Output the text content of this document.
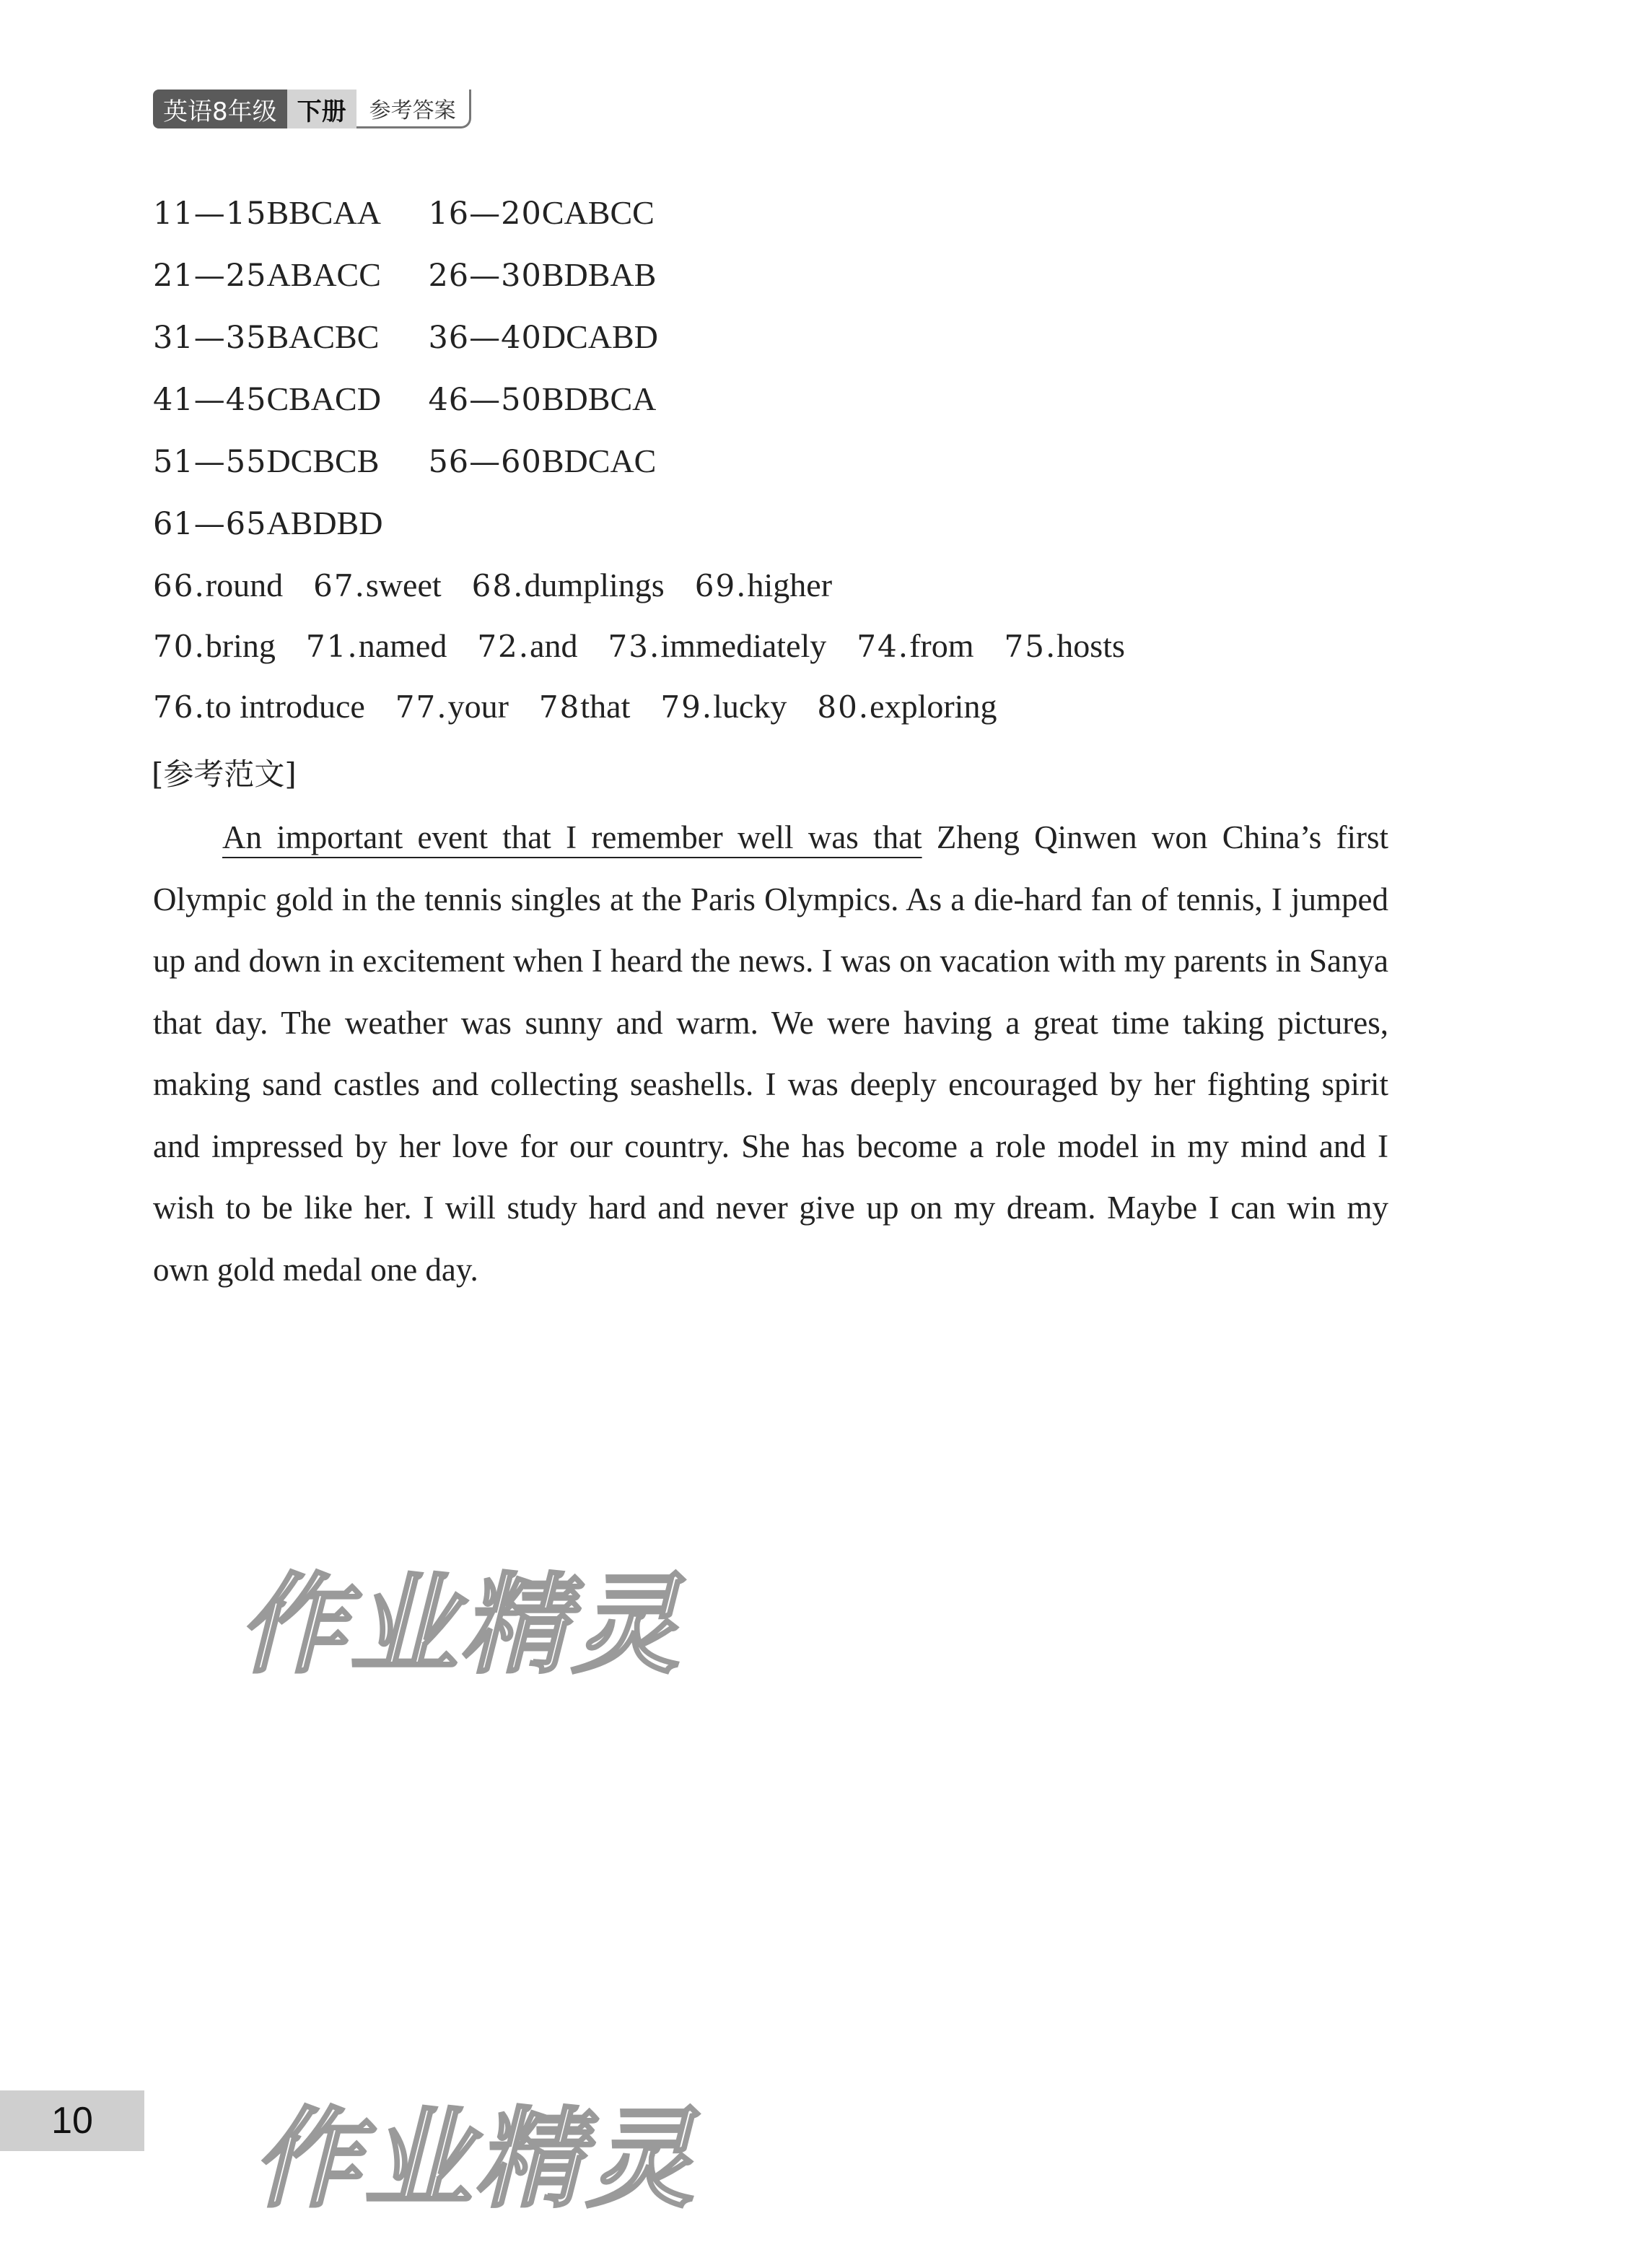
英语8年级 下册	参考答案
11—15BBCAA 16—20CABCC
21—25ABACC 26—30BDBAB
31—35BACBC 36—40DCABD
41—45CBACD 46—50BDBCA
51—55DCBCB 56—60BDCAC
61—65ABDBD
66.round 67.sweet 68.dumplings 69.higher
70.bring 71.named 72.and 73.immediately 74.from 75.hosts
76.to introduce 77.your 78that 79.lucky 80.exploring
[参考范文]

An important event that I remember well was that Zheng Qinwen won China’s first Olympic gold in the tennis singles at the Paris Olympics. As a die-hard fan of tennis, I jumped up and down in excitement when I heard the news. I was on vacation with my parents in Sanya that day. The weather was sunny and warm. We were having a great time taking pictures, making sand castles and collecting seashells. I was deeply encouraged by her fighting spirit and impressed by her love for our country. She has become a role model in my mind and I wish to be like her. I will study hard and never give up on my dream. Maybe I can win my own gold medal one day.

作业精灵
作业精灵
10
